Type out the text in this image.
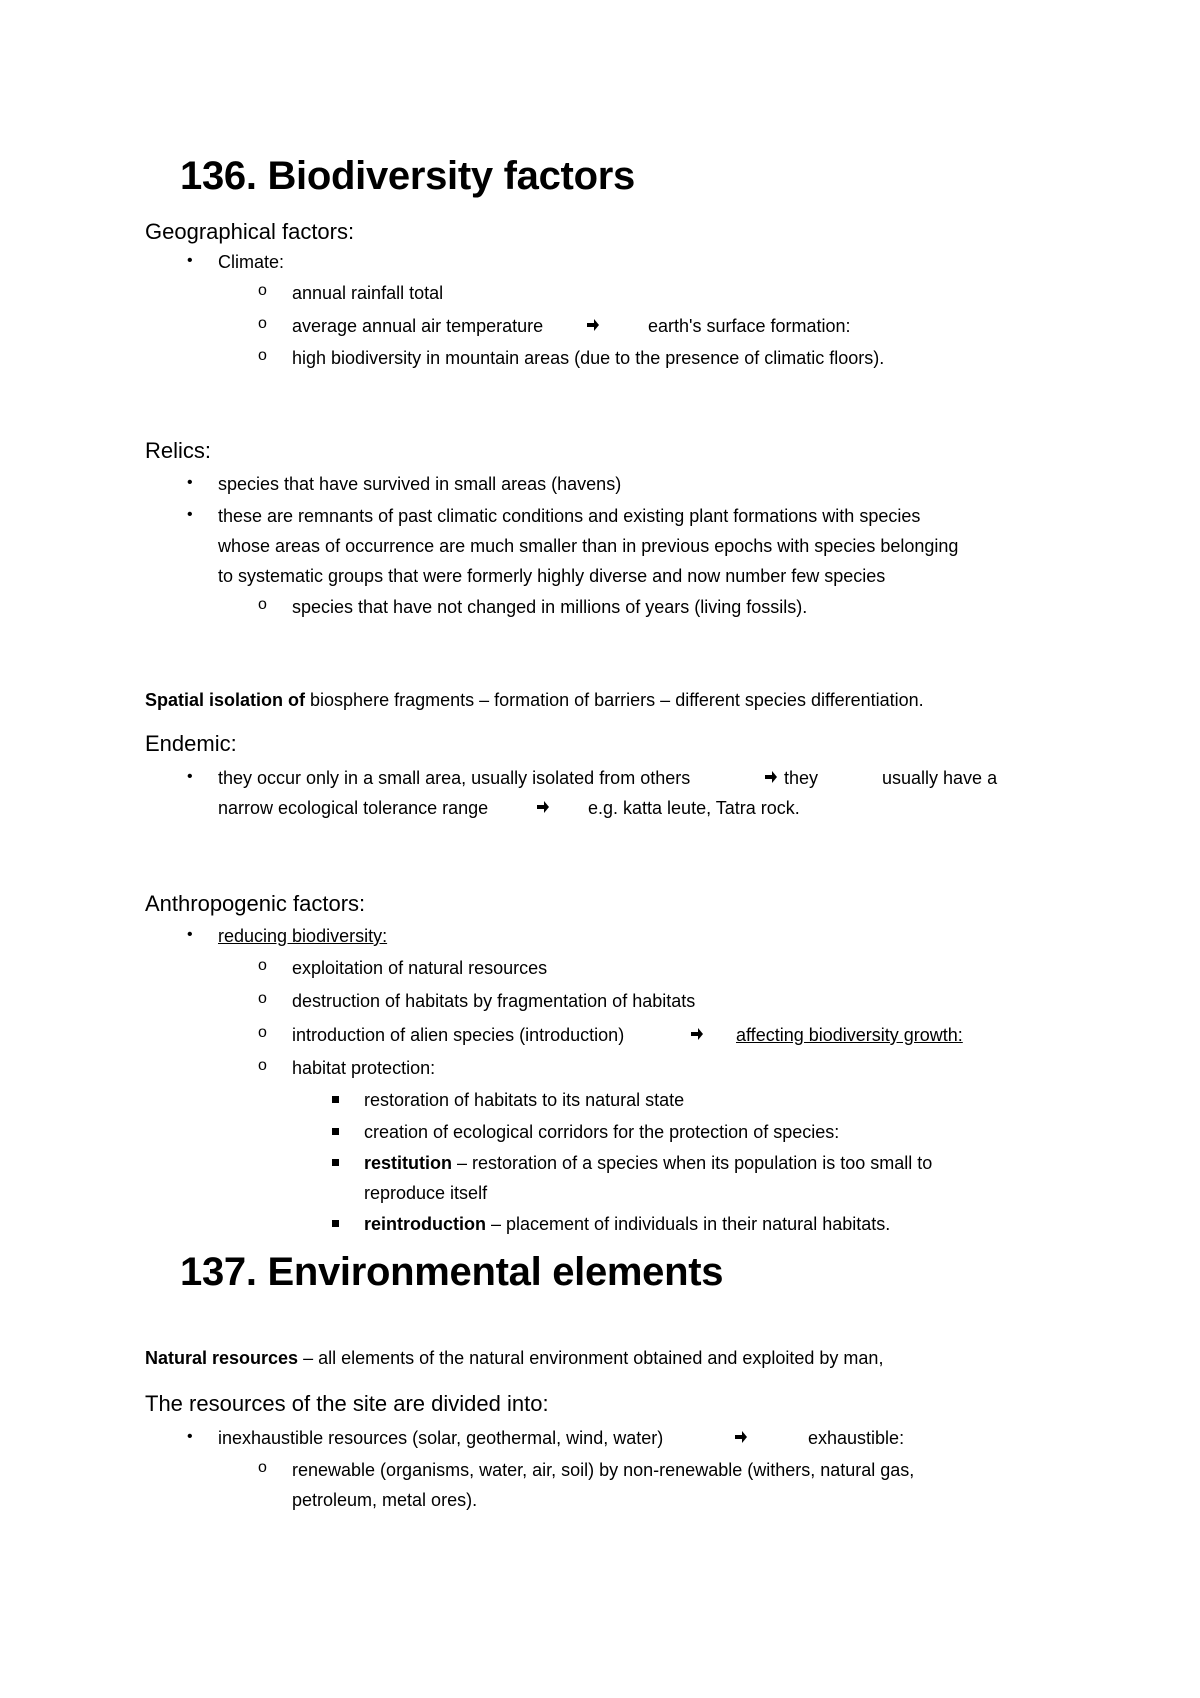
136. Biodiversity factors
Geographical factors:
• Climate:
o annual rainfall total
o average annual air temperature	earth's surface formation:
o high biodiversity in mountain areas (due to the presence of climatic floors).
Relics:
• species that have survived in small areas (havens)
• these are remnants of past climatic conditions and existing plant formations with species
whose areas of occurrence are much smaller than in previous epochs with species belonging
to systematic groups that were formerly highly diverse and now number few species
o species that have not changed in millions of years (living fossils).
Spatial isolation of biosphere fragments – formation of barriers – different species differentiation.
Endemic:
• they occur only in a small area, usually isolated from others	they	usually have a
narrow ecological tolerance range	e.g. katta leute, Tatra rock.
Anthropogenic factors:
• reducing biodiversity:
o exploitation of natural resources
o destruction of habitats by fragmentation of habitats
o introduction of alien species (introduction)	affecting biodiversity growth:
o habitat protection:
restoration of habitats to its natural state
creation of ecological corridors for the protection of species:
restitution – restoration of a species when its population is too small to
reproduce itself
reintroduction – placement of individuals in their natural habitats.
137. Environmental elements
Natural resources – all elements of the natural environment obtained and exploited by man,
The resources of the site are divided into:
• inexhaustible resources (solar, geothermal, wind, water)	exhaustible:
o renewable (organisms, water, air, soil) by non-renewable (withers, natural gas,
petroleum, metal ores).
